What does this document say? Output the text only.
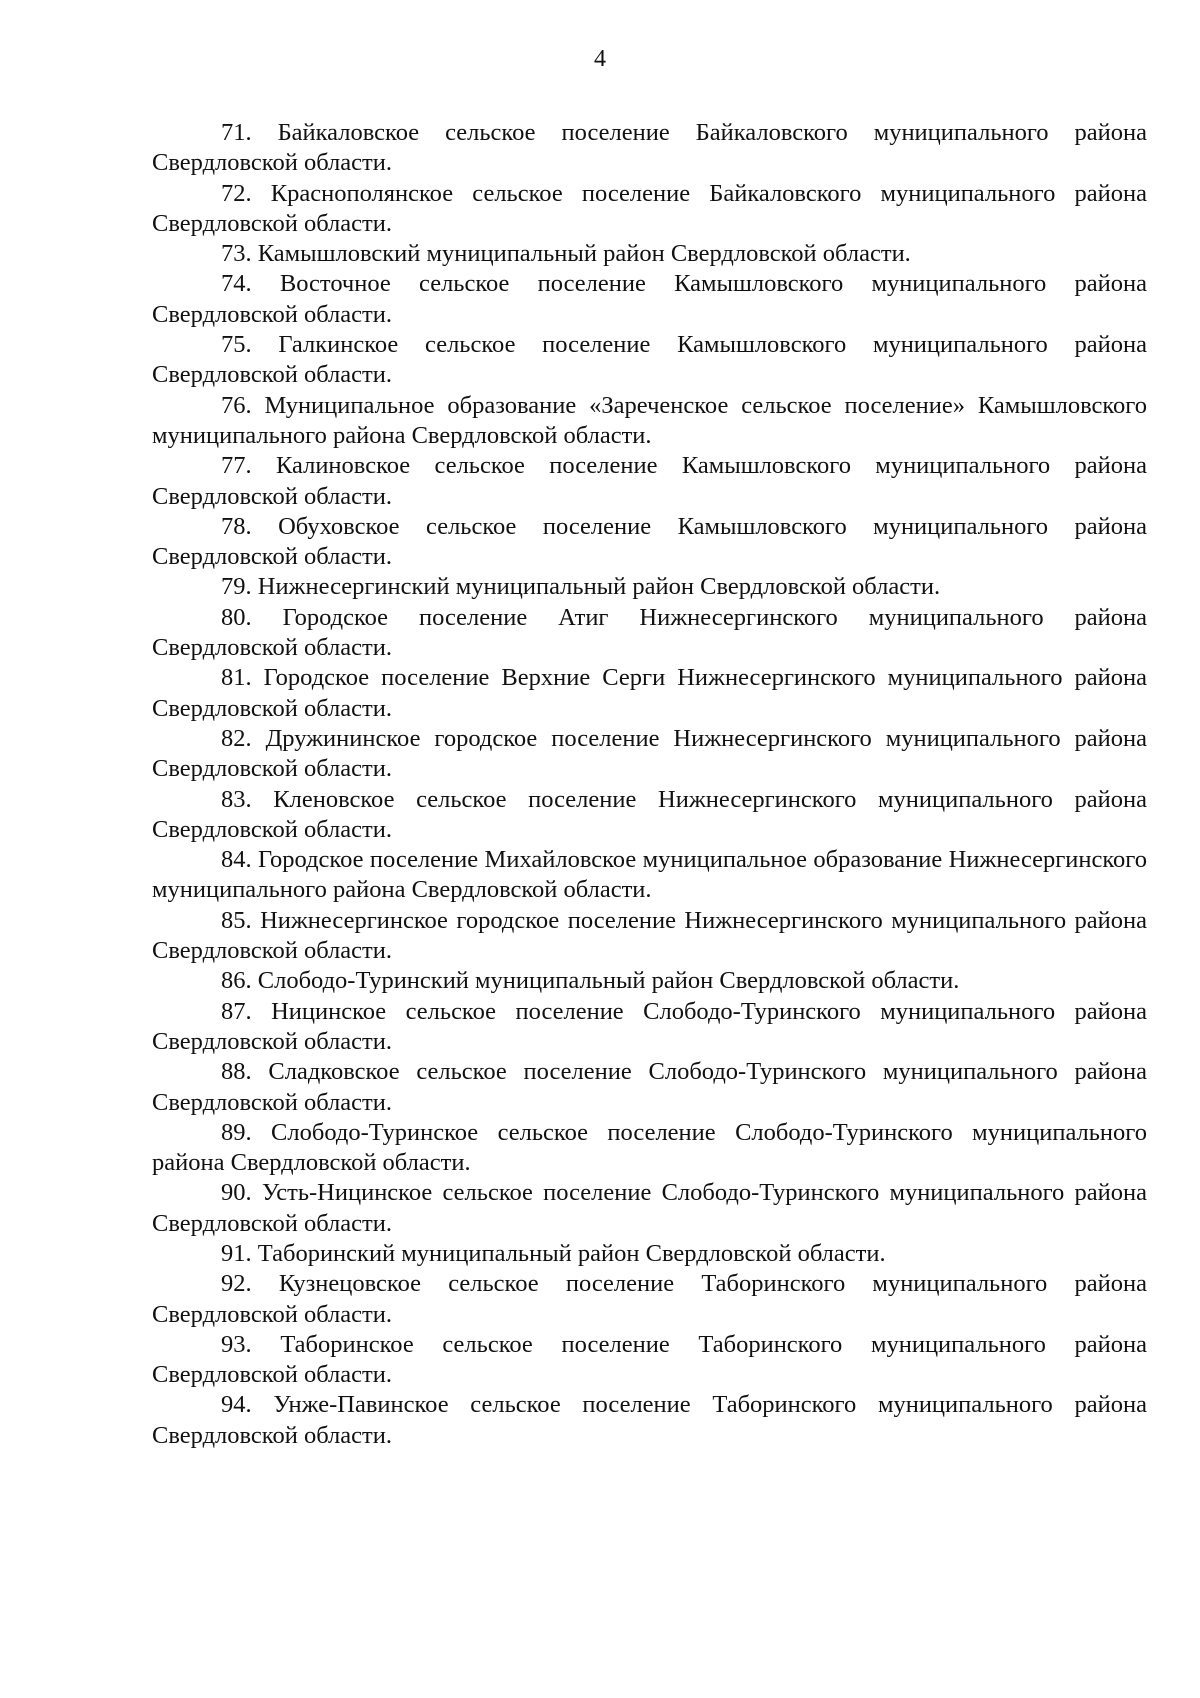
4
71. Байкаловское сельское поселение Байкаловского муниципального района Свердловской области.
72. Краснополянское сельское поселение Байкаловского муниципального района Свердловской области.
73. Камышловский муниципальный район Свердловской области.
74. Восточное сельское поселение Камышловского муниципального района Свердловской области.
75. Галкинское сельское поселение Камышловского муниципального района Свердловской области.
76. Муниципальное образование «Зареченское сельское поселение» Камышловского муниципального района Свердловской области.
77. Калиновское сельское поселение Камышловского муниципального района Свердловской области.
78. Обуховское сельское поселение Камышловского муниципального района Свердловской области.
79. Нижнесергинский муниципальный район Свердловской области.
80. Городское поселение Атиг Нижнесергинского муниципального района Свердловской области.
81. Городское поселение Верхние Серги Нижнесергинского муниципального района Свердловской области.
82. Дружининское городское поселение Нижнесергинского муниципального района Свердловской области.
83. Кленовское сельское поселение Нижнесергинского муниципального района Свердловской области.
84. Городское поселение Михайловское муниципальное образование Нижнесергинского муниципального района Свердловской области.
85. Нижнесергинское городское поселение Нижнесергинского муниципального района Свердловской области.
86. Слободо-Туринский муниципальный район Свердловской области.
87. Ницинское сельское поселение Слободо-Туринского муниципального района Свердловской области.
88. Сладковское сельское поселение Слободо-Туринского муниципального района Свердловской области.
89. Слободо-Туринское сельское поселение Слободо-Туринского муниципального района Свердловской области.
90. Усть-Ницинское сельское поселение Слободо-Туринского муниципального района Свердловской области.
91. Таборинский муниципальный район Свердловской области.
92. Кузнецовское сельское поселение Таборинского муниципального района Свердловской области.
93. Таборинское сельское поселение Таборинского муниципального района Свердловской области.
94. Унже-Павинское сельское поселение Таборинского муниципального района Свердловской области.
